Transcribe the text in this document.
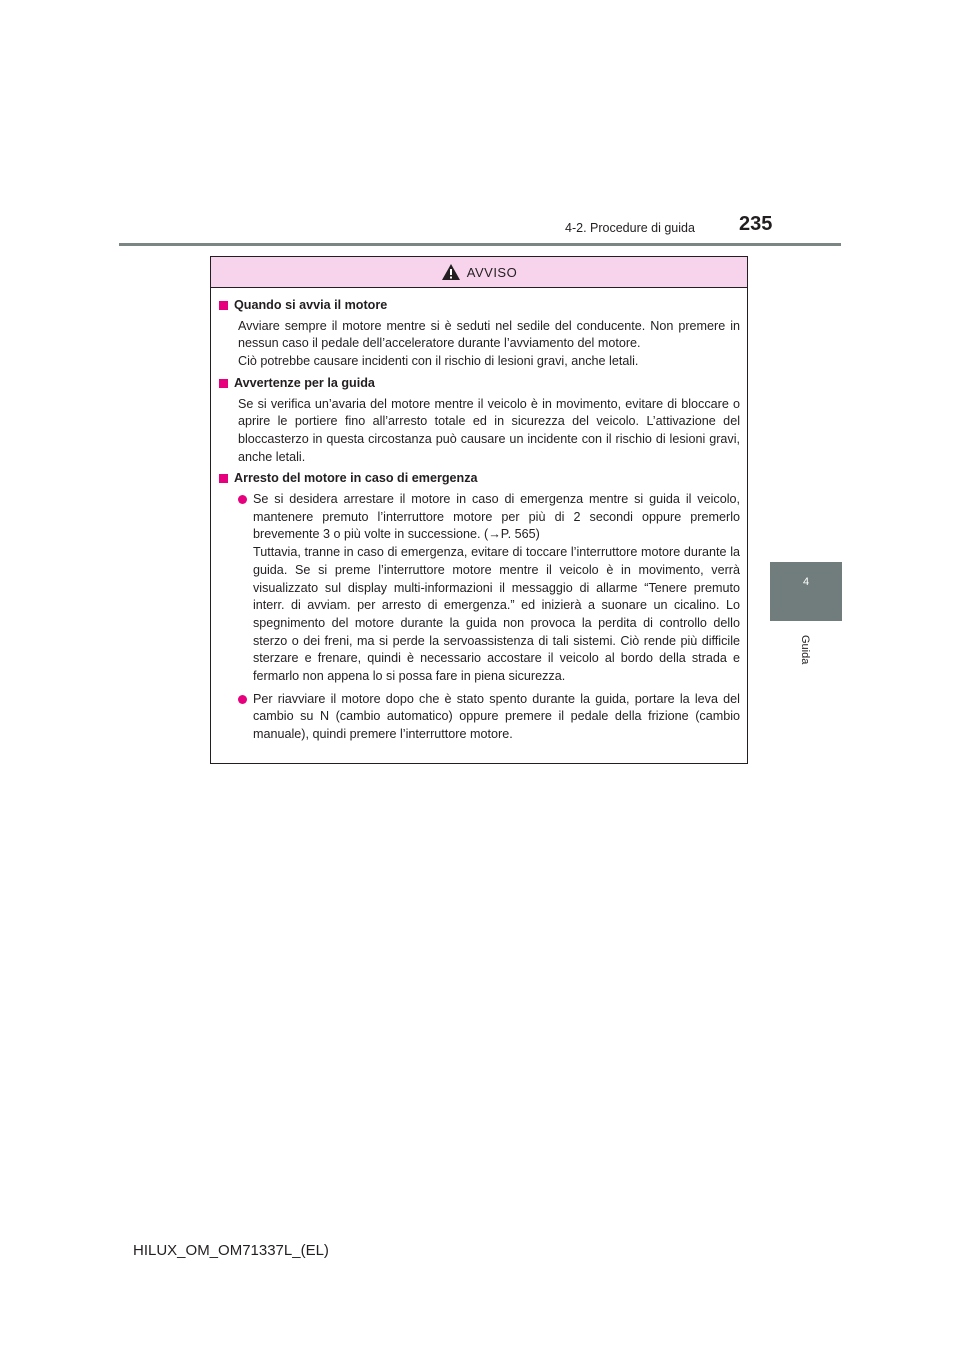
4-2. Procedure di guida 235
4
Guida
AVVISO
Quando si avvia il motore
Avviare sempre il motore mentre si è seduti nel sedile del conducente. Non premere in nessun caso il pedale dell’acceleratore durante l’avviamento del motore.
Ciò potrebbe causare incidenti con il rischio di lesioni gravi, anche letali.
Avvertenze per la guida
Se si verifica un’avaria del motore mentre il veicolo è in movimento, evitare di bloccare o aprire le portiere fino all’arresto totale ed in sicurezza del veicolo. L’attivazione del bloccasterzo in questa circostanza può causare un incidente con il rischio di lesioni gravi, anche letali.
Arresto del motore in caso di emergenza
Se si desidera arrestare il motore in caso di emergenza mentre si guida il veicolo, mantenere premuto l’interruttore motore per più di 2 secondi oppure premerlo brevemente 3 o più volte in successione. (→P. 565)
Tuttavia, tranne in caso di emergenza, evitare di toccare l’interruttore motore durante la guida. Se si preme l’interruttore motore mentre il veicolo è in movimento, verrà visualizzato sul display multi-informazioni il messaggio di allarme “Tenere premuto interr. di avviam. per arresto di emergenza.” ed inizierà a suonare un cicalino. Lo spegnimento del motore durante la guida non provoca la perdita di controllo dello sterzo o dei freni, ma si perde la servoassistenza di tali sistemi. Ciò rende più difficile sterzare e frenare, quindi è necessario accostare il veicolo al bordo della strada e fermarlo non appena lo si possa fare in piena sicurezza.
Per riavviare il motore dopo che è stato spento durante la guida, portare la leva del cambio su N (cambio automatico) oppure premere il pedale della frizione (cambio manuale), quindi premere l’interruttore motore.
HILUX_OM_OM71337L_(EL)
